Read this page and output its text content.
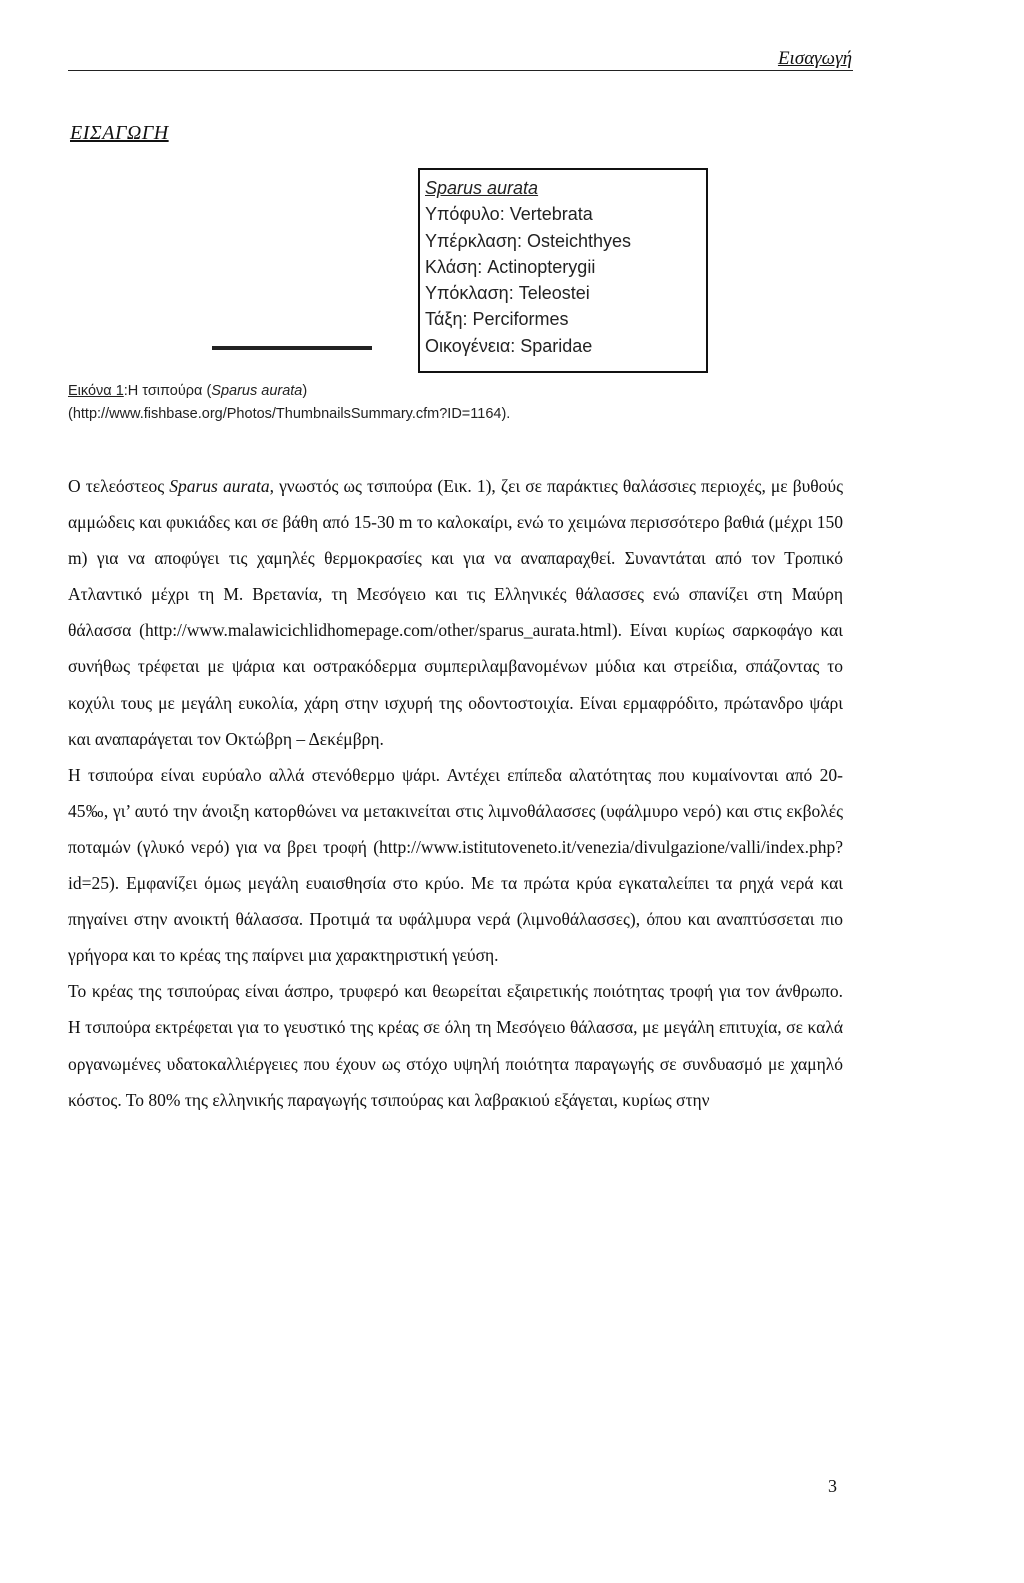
Εισαγωγή
ΕΙΣΑΓΩΓΗ
Sparus aurata
Υπόφυλο: Vertebrata
Υπέρκλαση: Osteichthyes
Κλάση: Actinopterygii
Υπόκλαση: Teleostei
Τάξη: Perciformes
Οικογένεια: Sparidae
Εικόνα 1:Η τσιπούρα (Sparus aurata)
(http://www.fishbase.org/Photos/ThumbnailsSummary.cfm?ID=1164).

Ο τελεόστεος Sparus aurata, γνωστός ως τσιπούρα (Εικ. 1), ζει σε παράκτιες θαλάσσιες περιοχές, με βυθούς αμμώδεις και φυκιάδες και σε βάθη από 15-30 m το καλοκαίρι, ενώ το χειμώνα περισσότερο βαθιά (μέχρι 150 m) για να αποφύγει τις χαμηλές θερμοκρασίες και για να αναπαραχθεί. Συναντάται από τον Τροπικό Ατλαντικό μέχρι τη Μ. Βρετανία, τη Μεσόγειο και τις Ελληνικές θάλασσες ενώ σπανίζει στη Μαύρη θάλασσα (http://www.malawicichlidhomepage.com/other/sparus_aurata.html). Είναι κυρίως σαρκοφάγο και συνήθως τρέφεται με ψάρια και οστρακόδερμα συμπεριλαμβανομένων μύδια και στρείδια, σπάζοντας το κοχύλι τους με μεγάλη ευκολία, χάρη στην ισχυρή της οδοντοστοιχία. Είναι ερμαφρόδιτο, πρώτανδρο ψάρι και αναπαράγεται τον Οκτώβρη – Δεκέμβρη.

Η τσιπούρα είναι ευρύαλο αλλά στενόθερμο ψάρι. Αντέχει επίπεδα αλατότητας που κυμαίνονται από 20-45‰, γι’ αυτό την άνοιξη κατορθώνει να μετακινείται στις λιμνοθάλασσες (υφάλμυρο νερό) και στις εκβολές ποταμών (γλυκό νερό) για να βρει τροφή (http://www.istitutoveneto.it/venezia/divulgazione/valli/index.php?id=25). Εμφανίζει όμως μεγάλη ευαισθησία στο κρύο. Με τα πρώτα κρύα εγκαταλείπει τα ρηχά νερά και πηγαίνει στην ανοικτή θάλασσα. Προτιμά τα υφάλμυρα νερά (λιμνοθάλασσες), όπου και αναπτύσσεται πιο γρήγορα και το κρέας της παίρνει μια χαρακτηριστική γεύση.

Το κρέας της τσιπούρας είναι άσπρο, τρυφερό και θεωρείται εξαιρετικής ποιότητας τροφή για τον άνθρωπο. Η τσιπούρα εκτρέφεται για το γευστικό της κρέας σε όλη τη Μεσόγειο θάλασσα, με μεγάλη επιτυχία, σε καλά οργανωμένες υδατοκαλλιέργειες που έχουν ως στόχο υψηλή ποιότητα παραγωγής σε συνδυασμό με χαμηλό κόστος. Το 80% της ελληνικής παραγωγής τσιπούρας και λαβρακιού εξάγεται, κυρίως στην

3
